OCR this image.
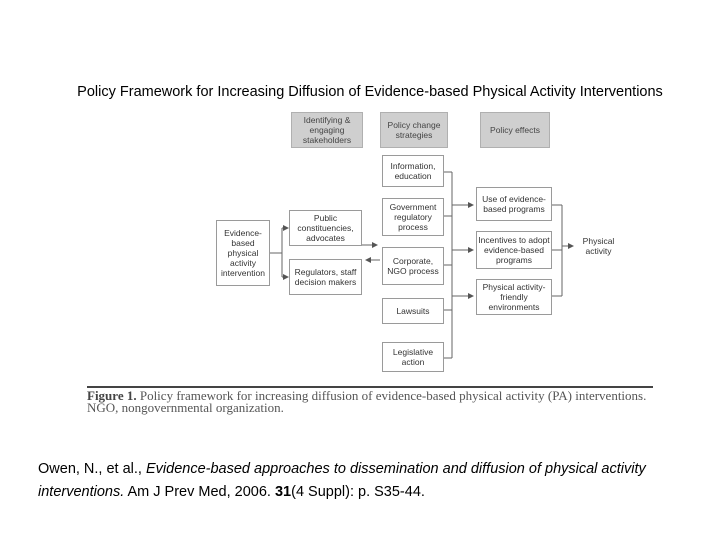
Policy Framework for Increasing Diffusion of Evidence-based Physical Activity Interventions
Identifying & engaging stakeholders
Policy change strategies	Policy effects
Evidence-based physical activity intervention
Public constituencies, advocates
Regulators, staff decision makers
Information, education
Government regulatory process
Corporate, NGO process
Lawsuits
Legislative action
Use of evidence-based programs
Incentives to adopt evidence-based programs
Physical activity-friendly environments
Physical activity
Figure 1. Policy framework for increasing diffusion of evidence-based physical activity (PA) interventions. NGO, nongovernmental organization.
Owen, N., et al., Evidence-based approaches to dissemination and diffusion of physical activity interventions. Am J Prev Med, 2006. 31(4 Suppl): p. S35-44.
